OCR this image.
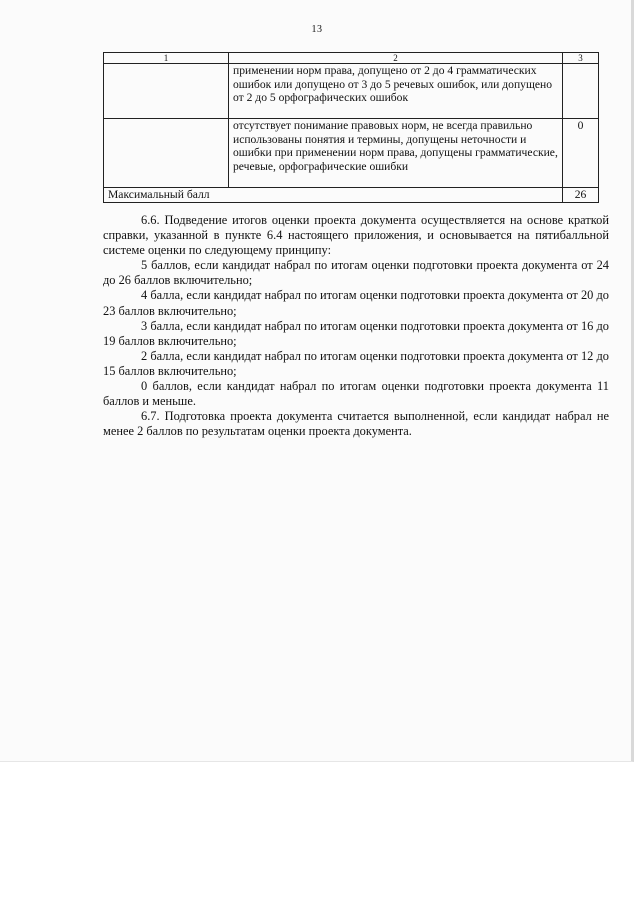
13
1	2	3
	применении норм права, допущено от 2 до 4 грамматических ошибок или допущено от 3 до 5 речевых ошибок, или допущено от 2 до 5 орфографических ошибок	
	отсутствует понимание правовых норм, не всегда правильно использованы понятия и термины, допущены неточности и ошибки при применении норм права, допущены грамматические, речевые, орфографические ошибки	0
Максимальный балл		26

6.6. Подведение итогов оценки проекта документа осуществляется на основе краткой справки, указанной в пункте 6.4 настоящего приложения, и основывается на пятибалльной системе оценки по следующему принципу:

5 баллов, если кандидат набрал по итогам оценки подготовки проекта документа от 24 до 26 баллов включительно;

4 балла, если кандидат набрал по итогам оценки подготовки проекта документа от 20 до 23 баллов включительно;

3 балла, если кандидат набрал по итогам оценки подготовки проекта документа от 16 до 19 баллов включительно;

2 балла, если кандидат набрал по итогам оценки подготовки проекта документа от 12 до 15 баллов включительно;

0 баллов, если кандидат набрал по итогам оценки подготовки проекта документа 11 баллов и меньше.

6.7. Подготовка проекта документа считается выполненной, если кандидат набрал не менее 2 баллов по результатам оценки проекта документа.
